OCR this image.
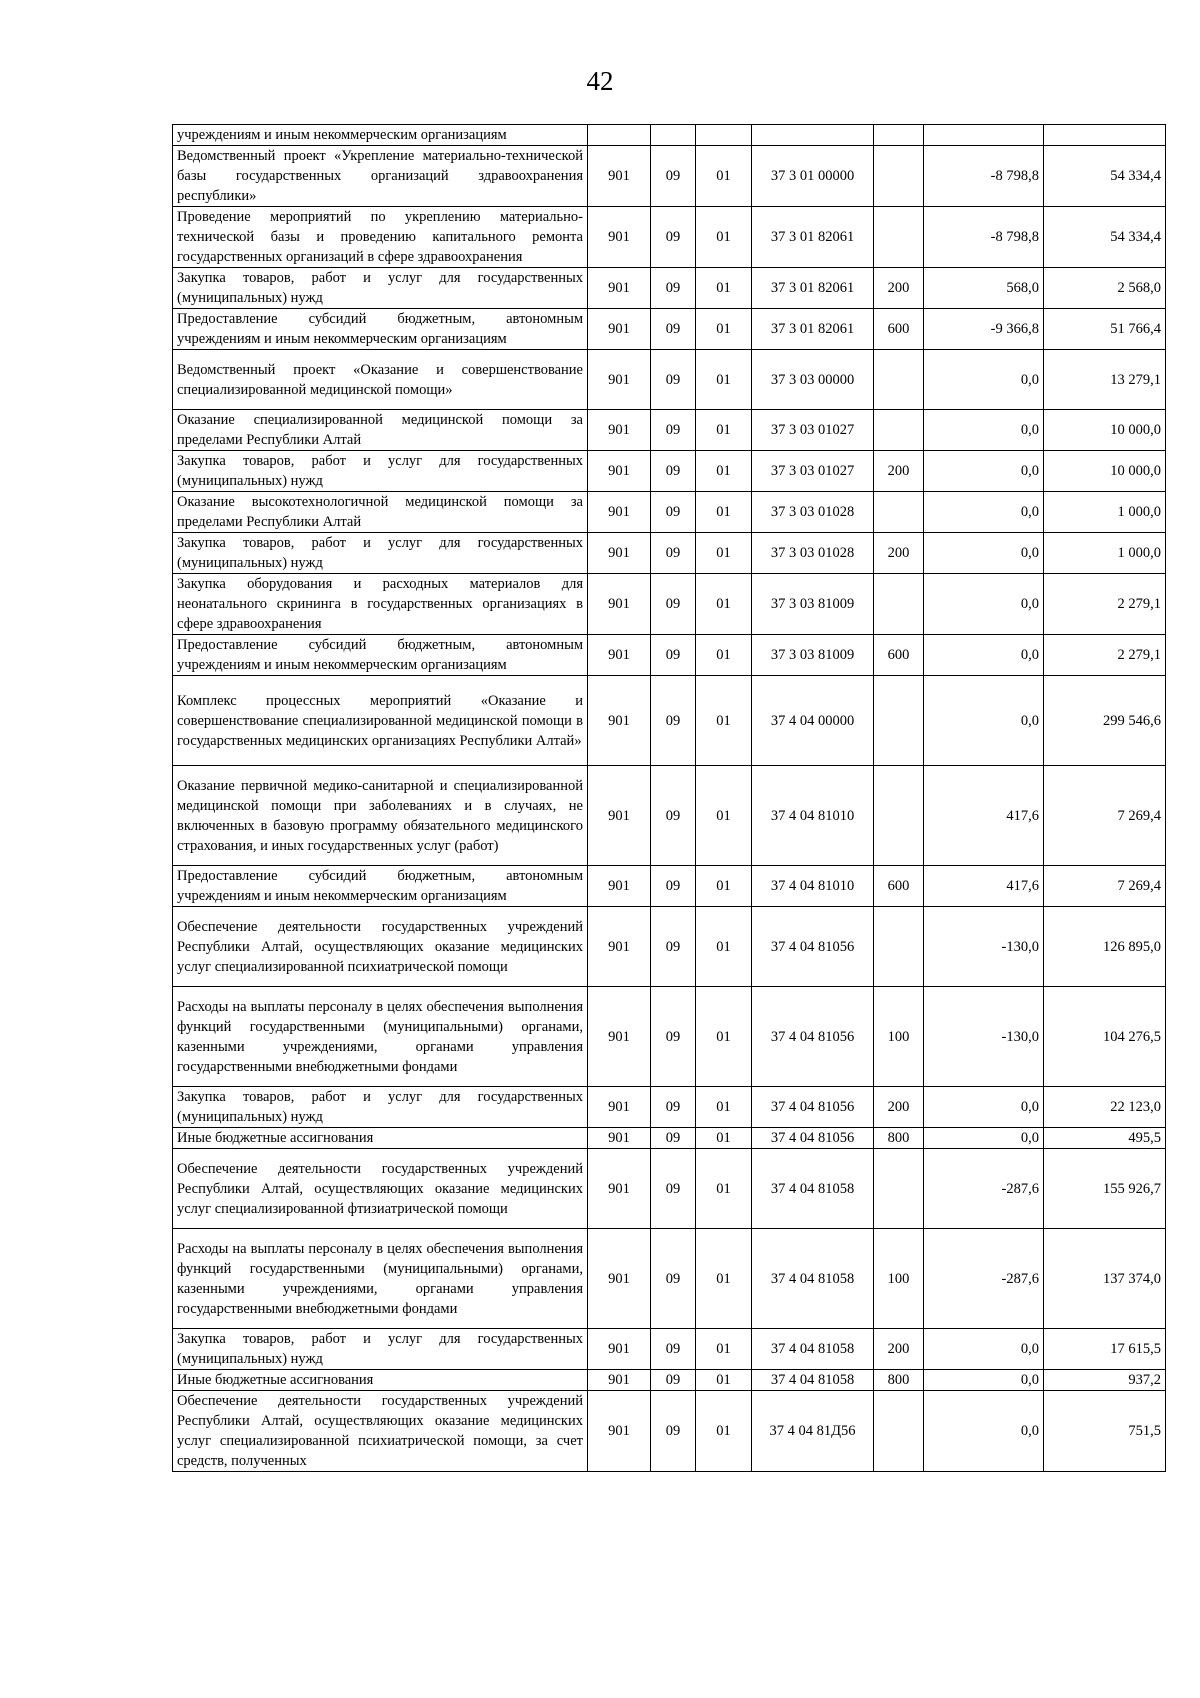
42
учреждениям и иным некоммерческим организациям							
Ведомственный проект «Укрепление материально-технической базы государственных организаций здравоохранения республики»	901	09	01	37 3 01 00000		-8 798,8	54 334,4
Проведение мероприятий по укреплению материально-технической базы и проведению капитального ремонта государственных организаций в сфере здравоохранения	901	09	01	37 3 01 82061		-8 798,8	54 334,4
Закупка товаров, работ и услуг для государственных (муниципальных) нужд	901	09	01	37 3 01 82061	200	568,0	2 568,0
Предоставление субсидий бюджетным, автономным учреждениям и иным некоммерческим организациям	901	09	01	37 3 01 82061	600	-9 366,8	51 766,4
Ведомственный проект «Оказание и совершенствование специализированной медицинской помощи»	901	09	01	37 3 03 00000		0,0	13 279,1
Оказание специализированной медицинской помощи за пределами Республики Алтай	901	09	01	37 3 03 01027		0,0	10 000,0
Закупка товаров, работ и услуг для государственных (муниципальных) нужд	901	09	01	37 3 03 01027	200	0,0	10 000,0
Оказание высокотехнологичной медицинской помощи за пределами Республики Алтай	901	09	01	37 3 03 01028		0,0	1 000,0
Закупка товаров, работ и услуг для государственных (муниципальных) нужд	901	09	01	37 3 03 01028	200	0,0	1 000,0
Закупка оборудования и расходных материалов для неонатального скрининга в государственных организациях в сфере здравоохранения	901	09	01	37 3 03 81009		0,0	2 279,1
Предоставление субсидий бюджетным, автономным учреждениям и иным некоммерческим организациям	901	09	01	37 3 03 81009	600	0,0	2 279,1
Комплекс процессных мероприятий «Оказание и совершенствование специализированной медицинской помощи в государственных медицинских организациях Республики Алтай»	901	09	01	37 4 04 00000		0,0	299 546,6
Оказание первичной медико-санитарной и специализированной медицинской помощи при заболеваниях и в случаях, не включенных в базовую программу обязательного медицинского страхования, и иных государственных услуг (работ)	901	09	01	37 4 04 81010		417,6	7 269,4
Предоставление субсидий бюджетным, автономным учреждениям и иным некоммерческим организациям	901	09	01	37 4 04 81010	600	417,6	7 269,4
Обеспечение деятельности государственных учреждений Республики Алтай, осуществляющих оказание медицинских услуг специализированной психиатрической помощи	901	09	01	37 4 04 81056		-130,0	126 895,0
Расходы на выплаты персоналу в целях обеспечения выполнения функций государственными (муниципальными) органами, казенными учреждениями, органами управления государственными внебюджетными фондами	901	09	01	37 4 04 81056	100	-130,0	104 276,5
Закупка товаров, работ и услуг для государственных (муниципальных) нужд	901	09	01	37 4 04 81056	200	0,0	22 123,0
Иные бюджетные ассигнования	901	09	01	37 4 04 81056	800	0,0	495,5
Обеспечение деятельности государственных учреждений Республики Алтай, осуществляющих оказание медицинских услуг специализированной фтизиатрической помощи	901	09	01	37 4 04 81058		-287,6	155 926,7
Расходы на выплаты персоналу в целях обеспечения выполнения функций государственными (муниципальными) органами, казенными учреждениями, органами управления государственными внебюджетными фондами	901	09	01	37 4 04 81058	100	-287,6	137 374,0
Закупка товаров, работ и услуг для государственных (муниципальных) нужд	901	09	01	37 4 04 81058	200	0,0	17 615,5
Иные бюджетные ассигнования	901	09	01	37 4 04 81058	800	0,0	937,2
Обеспечение деятельности государственных учреждений Республики Алтай, осуществляющих оказание медицинских услуг специализированной психиатрической помощи, за счет средств, полученных	901	09	01	37 4 04 81Д56		0,0	751,5
